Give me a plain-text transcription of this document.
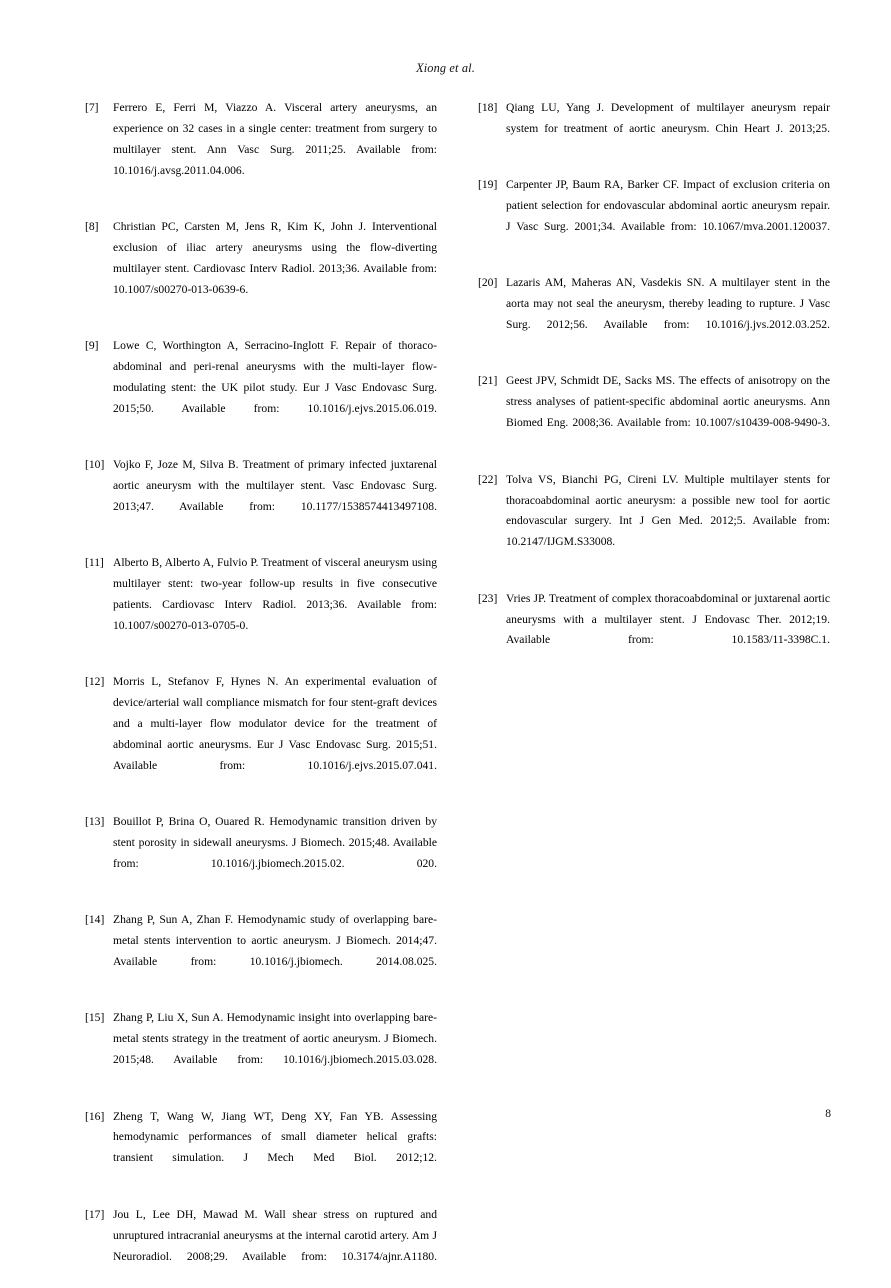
Xiong et al.
[7]	Ferrero E, Ferri M, Viazzo A. Visceral artery aneurysms, an experience on 32 cases in a single center: treatment from surgery to multilayer stent. Ann Vasc Surg. 2011;25. Available from: 10.1016/j.avsg.2011.04.006.
[8]	Christian PC, Carsten M, Jens R, Kim K, John J. Interventional exclusion of iliac artery aneurysms using the flow-diverting multilayer stent. Cardiovasc Interv Radiol. 2013;36. Available from: 10.1007/s00270-013-0639-6.
[9]	Lowe C, Worthington A, Serracino-Inglott F. Repair of thoraco-abdominal and peri-renal aneurysms with the multi-layer flow-modulating stent: the UK pilot study. Eur J Vasc Endovasc Surg. 2015;50. Available from: 10.1016/j.ejvs.2015.06.019.
[10] Vojko F, Joze M, Silva B. Treatment of primary infected juxtarenal aortic aneurysm with the multilayer stent. Vasc Endovasc Surg. 2013;47. Available from: 10.1177/1538574413497108.
[11] Alberto B, Alberto A, Fulvio P. Treatment of visceral aneurysm using multilayer stent: two-year follow-up results in five consecutive patients. Cardiovasc Interv Radiol. 2013;36. Available from: 10.1007/s00270-013-0705-0.
[12] Morris L, Stefanov F, Hynes N. An experimental evaluation of device/arterial wall compliance mismatch for four stent-graft devices and a multi-layer flow modulator device for the treatment of abdominal aortic aneurysms. Eur J Vasc Endovasc Surg. 2015;51. Available from: 10.1016/j.ejvs.2015.07.041.
[13] Bouillot P, Brina O, Ouared R. Hemodynamic transition driven by stent porosity in sidewall aneurysms. J Biomech. 2015;48. Available from: 10.1016/j.jbiomech.2015.02. 020.
[14] Zhang P, Sun A, Zhan F. Hemodynamic study of overlapping bare-metal stents intervention to aortic aneurysm. J Biomech. 2014;47. Available from: 10.1016/j.jbiomech. 2014.08.025.
[15] Zhang P, Liu X, Sun A. Hemodynamic insight into overlapping bare-metal stents strategy in the treatment of aortic aneurysm. J Biomech. 2015;48. Available from: 10.1016/j.jbiomech.2015.03.028.
[16] Zheng T, Wang W, Jiang WT, Deng XY, Fan YB. Assessing hemodynamic performances of small diameter helical grafts: transient simulation. J Mech Med Biol. 2012;12.
[17] Jou L, Lee DH, Mawad M. Wall shear stress on ruptured and unruptured intracranial aneurysms at the internal carotid artery. Am J Neuroradiol. 2008;29. Available from: 10.3174/ajnr.A1180.
[18] Qiang LU, Yang J. Development of multilayer aneurysm repair system for treatment of aortic aneurysm. Chin Heart J. 2013;25.
[19] Carpenter JP, Baum RA, Barker CF. Impact of exclusion criteria on patient selection for endovascular abdominal aortic aneurysm repair. J Vasc Surg. 2001;34. Available from: 10.1067/mva.2001.120037.
[20] Lazaris AM, Maheras AN, Vasdekis SN. A multilayer stent in the aorta may not seal the aneurysm, thereby leading to rupture. J Vasc Surg. 2012;56. Available from: 10.1016/j.jvs.2012.03.252.
[21] Geest JPV, Schmidt DE, Sacks MS. The effects of anisotropy on the stress analyses of patient-specific abdominal aortic aneurysms. Ann Biomed Eng. 2008;36. Available from: 10.1007/s10439-008-9490-3.
[22] Tolva VS, Bianchi PG, Cireni LV. Multiple multilayer stents for thoracoabdominal aortic aneurysm: a possible new tool for aortic endovascular surgery. Int J Gen Med. 2012;5. Available from: 10.2147/IJGM.S33008.
[23] Vries JP. Treatment of complex thoracoabdominal or juxtarenal aortic aneurysms with a multilayer stent. J Endovasc Ther. 2012;19. Available from: 10.1583/11-3398C.1.
8
